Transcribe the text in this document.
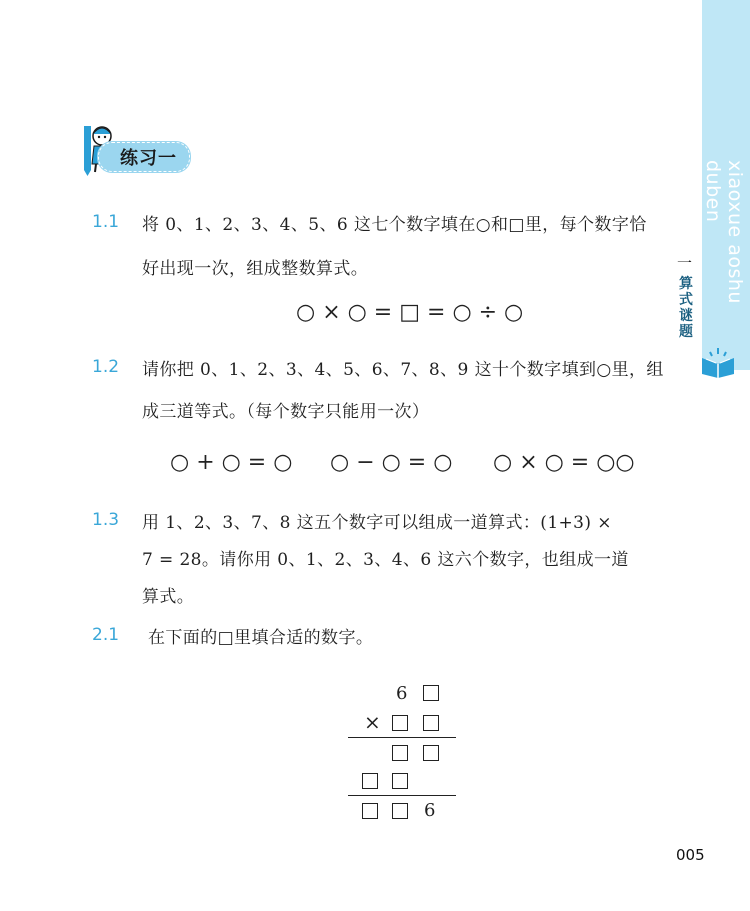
xiaoxue aoshu duben
一
算式谜题
练习一
1.1 将 0、1、2、3、4、5、6 这七个数字填在○和□里，每个数字恰
好出现一次，组成整数算式。
○ × ○ = □ = ○ ÷ ○
1.2 请你把 0、1、2、3、4、5、6、7、8、9 这十个数字填到○里，组
成三道等式。（每个数字只能用一次）
○ + ○ = ○ ○ − ○ = ○ ○ × ○ = ○○
1.3 用 1、2、3、7、8 这五个数字可以组成一道算式：(1+3) ×
7 = 28。请你用 0、1、2、3、4、6 这六个数字，也组成一道
算式。
2.1 在下面的□里填合适的数字。
6
×
6
005
